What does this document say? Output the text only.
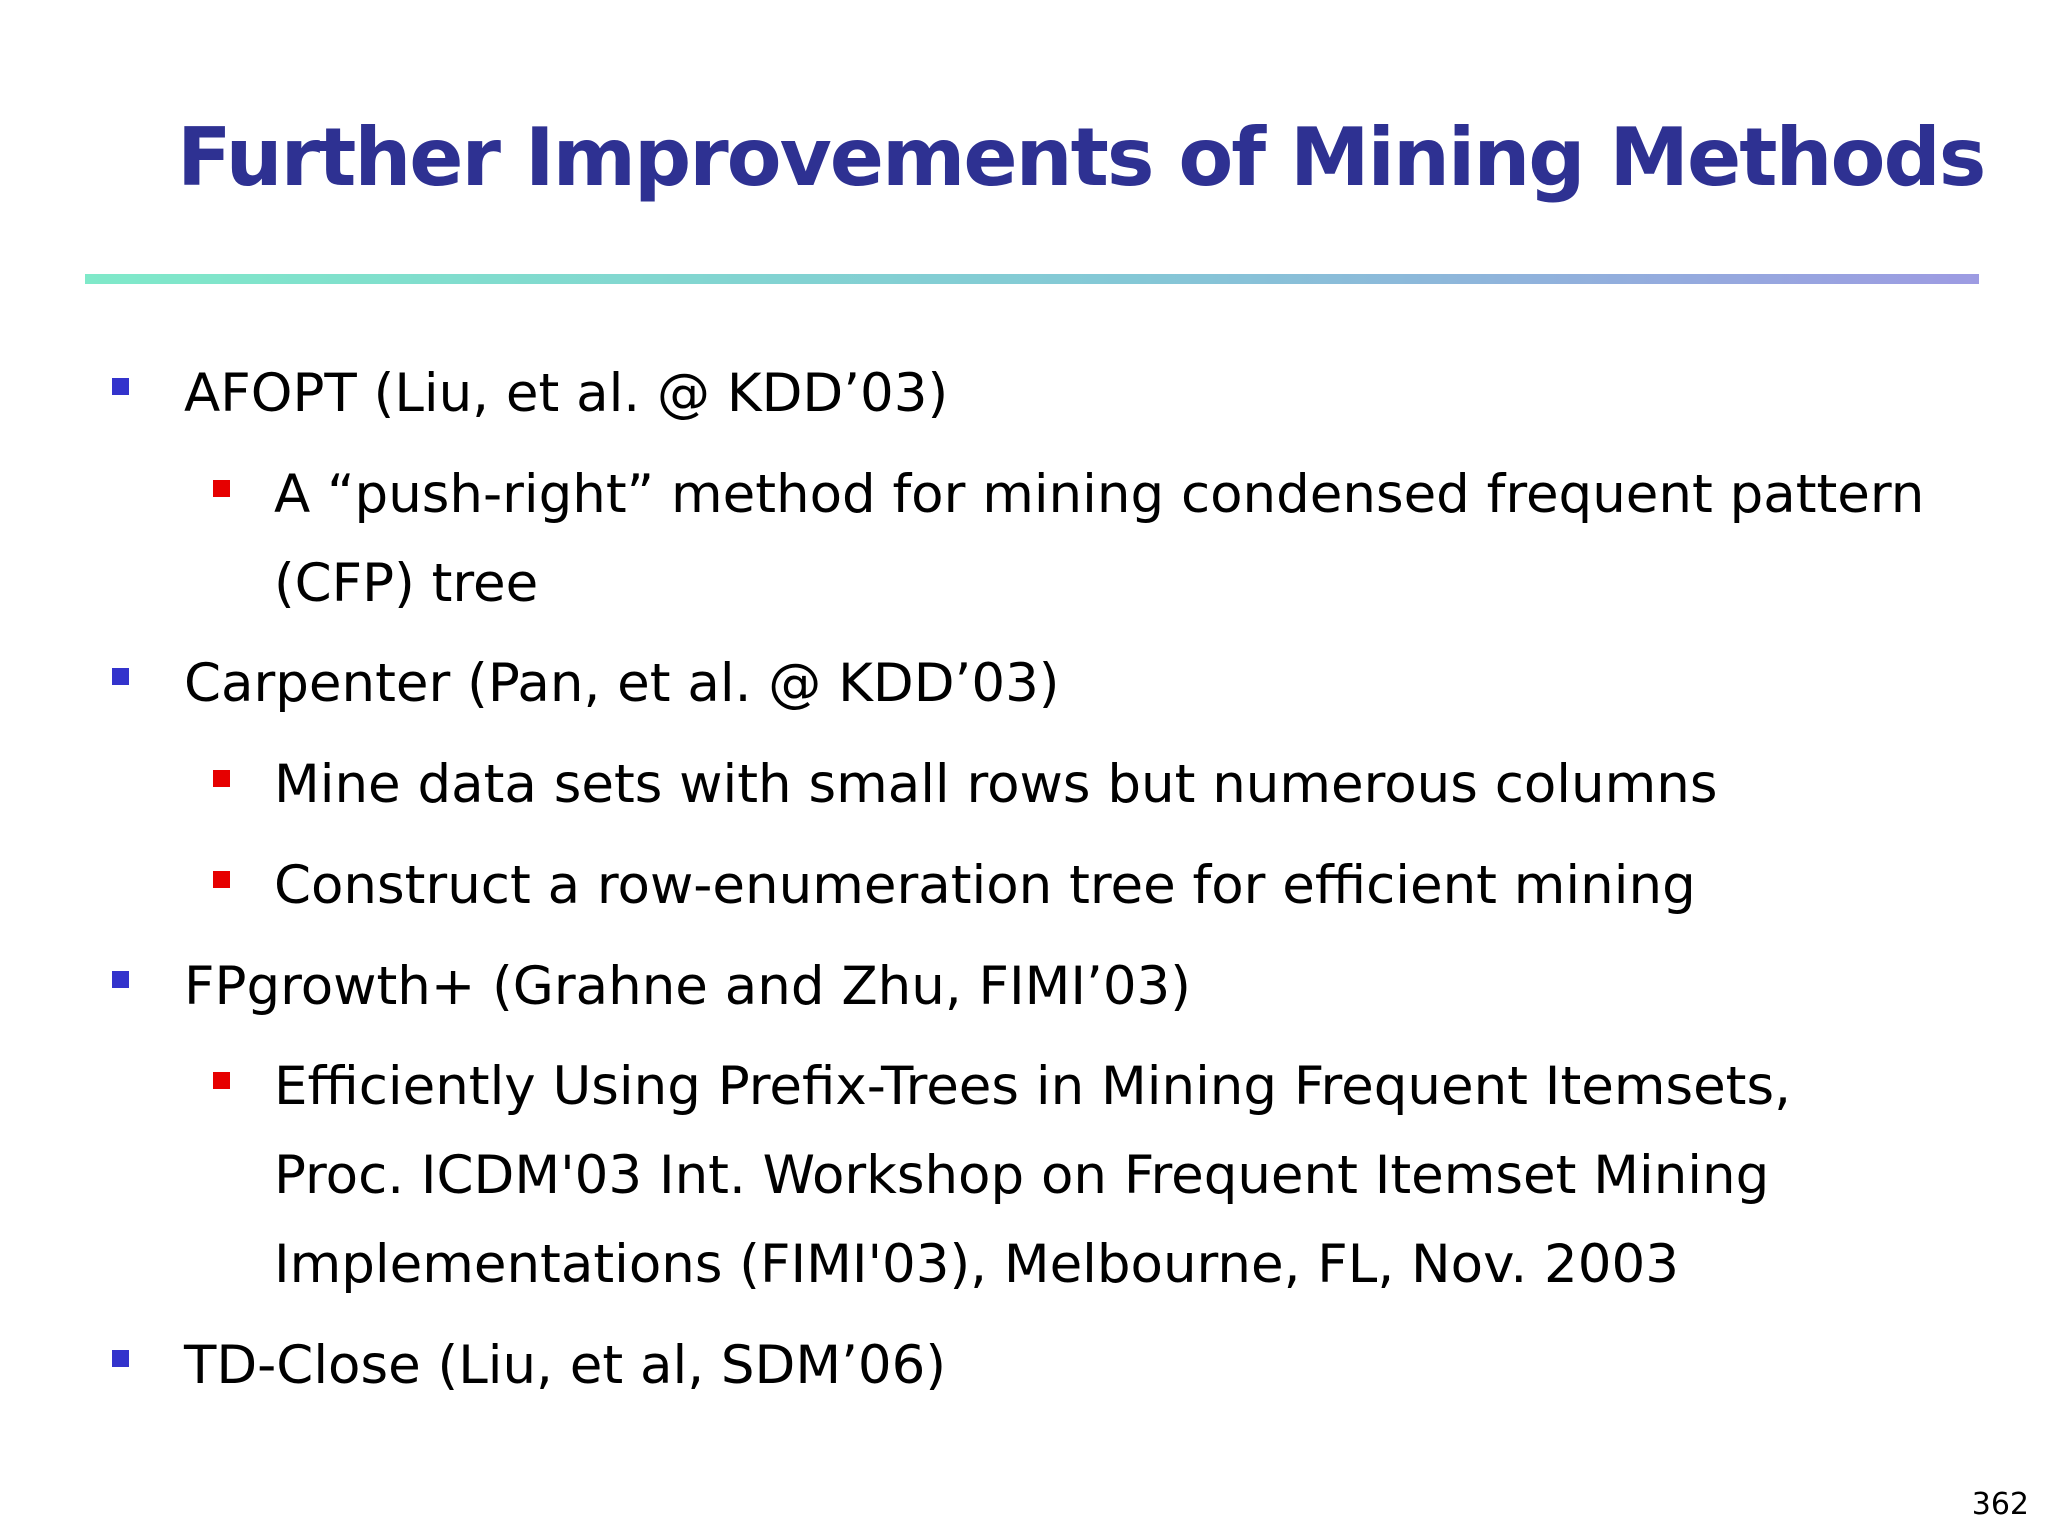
Further Improvements of Mining Methods
AFOPT (Liu, et al. @ KDD’03)
A “push-right” method for mining condensed frequent pattern
(CFP) tree
Carpenter (Pan, et al. @ KDD’03)
Mine data sets with small rows but numerous columns
Construct a row-enumeration tree for efficient mining
FPgrowth+ (Grahne and Zhu, FIMI’03)
Efficiently Using Prefix-Trees in Mining Frequent Itemsets,
Proc. ICDM'03 Int. Workshop on Frequent Itemset Mining
Implementations (FIMI'03), Melbourne, FL, Nov. 2003
TD-Close (Liu, et al, SDM’06)
362
